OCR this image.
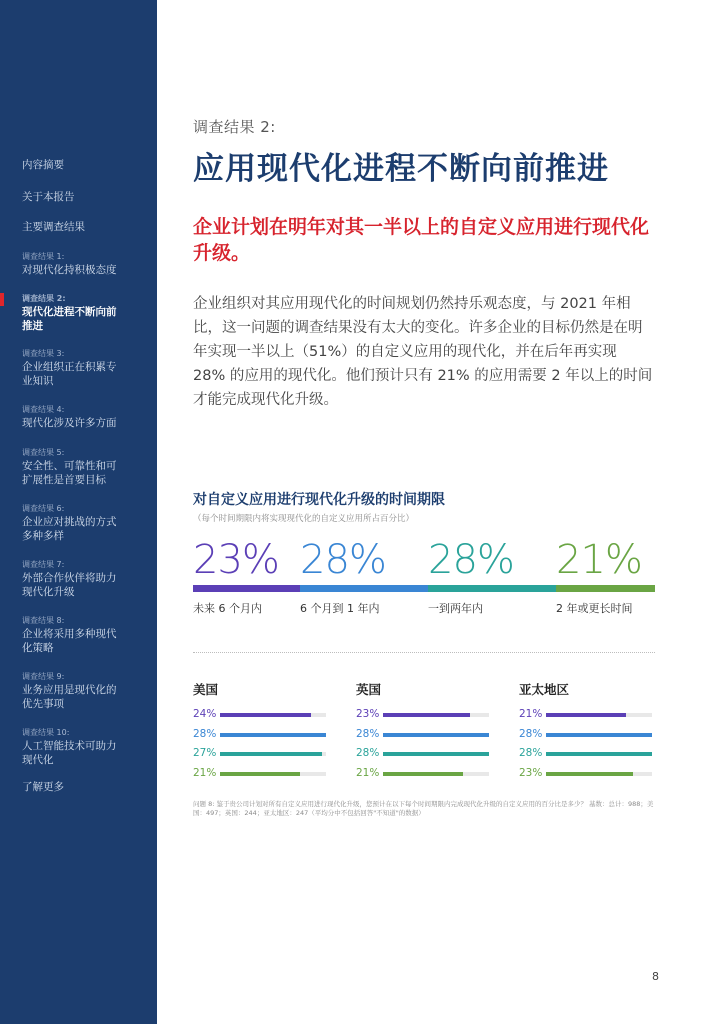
内容摘要
关于本报告
主要调查结果
调查结果 1:
对现代化持积极态度
调查结果 2:
现代化进程不断向前推进
调查结果 3:
企业组织正在积累专业知识
调查结果 4:
现代化涉及许多方面
调查结果 5:
安全性、可靠性和可扩展性是首要目标
调查结果 6:
企业应对挑战的方式多种多样
调查结果 7:
外部合作伙伴将助力现代化升级
调查结果 8:
企业将采用多种现代化策略
调查结果 9:
业务应用是现代化的优先事项
调查结果 10:
人工智能技术可助力现代化
了解更多
调查结果 2:
应用现代化进程不断向前推进
企业计划在明年对其一半以上的自定义应用进行现代化升级。
企业组织对其应用现代化的时间规划仍然持乐观态度，与 2021 年相比，这一问题的调查结果没有太大的变化。许多企业的目标仍然是在明年实现一半以上（51%）的自定义应用的现代化，并在后年再实现 28% 的应用的现代化。他们预计只有 21% 的应用需要 2 年以上的时间才能完成现代化升级。
对自定义应用进行现代化升级的时间期限
（每个时间期限内将实现现代化的自定义应用所占百分比）
23%
未来 6 个月内
28%
6 个月到 1 年内
28%
一到两年内
21%
2 年或更长时间
美国
24%
28%
27%
21%
英国
23%
28%
28%
21%
亚太地区
21%
28%
28%
23%
问题 8: 鉴于贵公司计划对所有自定义应用进行现代化升级，您预计在以下每个时间期限内完成现代化升级的自定义应用的百分比是多少？ 基数：总计：988；美国：497；英国：244；亚太地区：247（平均分中不包括回答"不知道"的数据）
8
